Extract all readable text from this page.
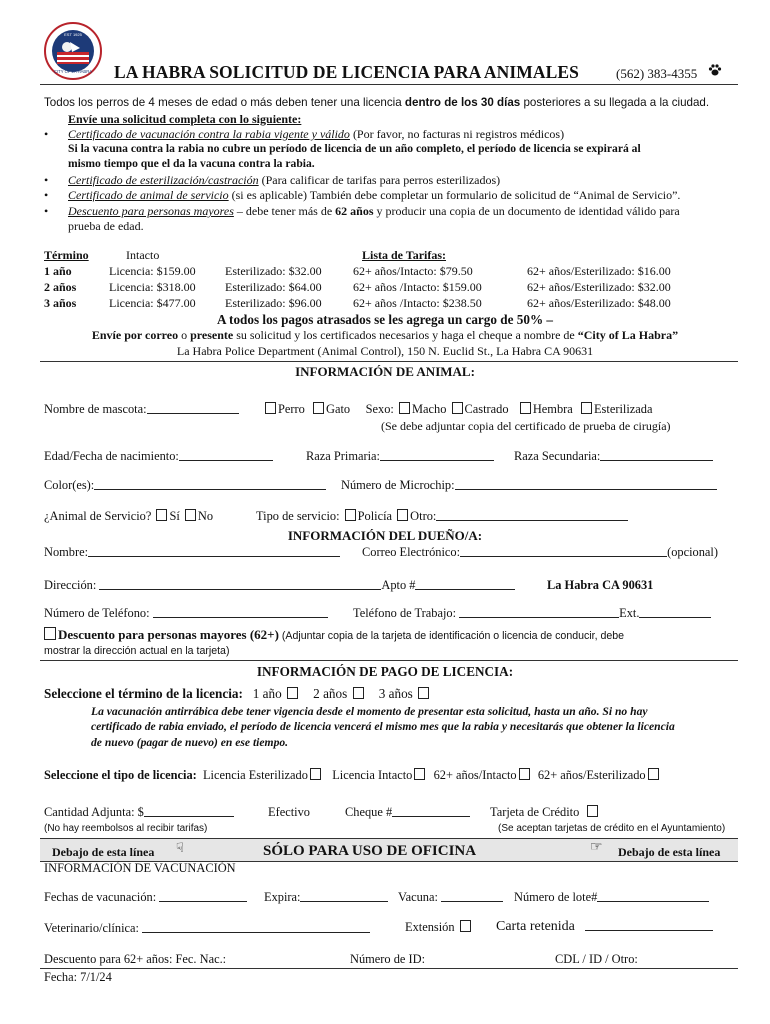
EST 1925
CITY OF LA HABRA LA HABRA SOLICITUD DE LICENCIA PARA ANIMALES	(562) 383-4355
Todos los perros de 4 meses de edad o más deben tener una licencia dentro de los 30 días posteriores a su llegada a la ciudad.
Envíe una solicitud completa con lo siguiente:
• Certificado de vacunación contra la rabia vigente y válido (Por favor, no facturas ni registros médicos)
Si la vacuna contra la rabia no cubre un período de licencia de un año completo, el período de licencia se expirará al
mismo tiempo que el da la vacuna contra la rabia.
• Certificado de esterilización/castración (Para calificar de tarifas para perros esterilizados)
• Certificado de animal de servicio (si es aplicable) También debe completar un formulario de solicitud de “Animal de Servicio”.
• Descuento para personas mayores – debe tener más de 62 años y producir una copia de un documento de identidad válido para
prueba de edad.
Término	Intacto	Lista de Tarifas:
1 año	Licencia: $159.00 Esterilizado: $32.00	62+ años/Intacto: $79.50	62+ años/Esterilizado: $16.00
2 años	Licencia: $318.00 Esterilizado: $64.00	62+ años /Intacto: $159.00	62+ años/Esterilizado: $32.00
3 años	Licencia: $477.00 Esterilizado: $96.00	62+ años /Intacto: $238.50	62+ años/Esterilizado: $48.00
A todos los pagos atrasados se les agrega un cargo de 50% –
Envíe por correo o presente su solicitud y los certificados necesarios y haga el cheque a nombre de “City of La Habra”
La Habra Police Department (Animal Control), 150 N. Euclid St., La Habra CA 90631
INFORMACIÓN DE ANIMAL:
Nombre de mascota:	Perro Gato Sexo: Macho Castrado Hembra Esterilizada
(Se debe adjuntar copia del certificado de prueba de cirugía)
Edad/Fecha de nacimiento:	Raza Primaria:	Raza Secundaria:
Color(es):	Número de Microchip:
¿Animal de Servicio? Sí No	Tipo de servicio: Policía Otro:
INFORMACIÓN DEL DUEÑO/A:
Nombre:	Correo Electrónico:	(opcional)
Dirección:	Apto #	La Habra CA 90631
Número de Teléfono:	Teléfono de Trabajo:	Ext.
Descuento para personas mayores (62+) (Adjuntar copia de la tarjeta de identificación o licencia de conducir, debe
mostrar la dirección actual en la tarjeta)
INFORMACIÓN DE PAGO DE LICENCIA:
Seleccione el término de la licencia: 1 año 2 años 3 años
La vacunación antirrábica debe tener vigencia desde el momento de presentar esta solicitud, hasta un año. Si no hay
certificado de rabia enviado, el período de licencia vencerá el mismo mes que la rabia y necesitarás que obtener la licencia
de nuevo (pagar de nuevo) en ese tiempo.
Seleccione el tipo de licencia: Licencia Esterilizado Licencia Intacto 62+ años/Intacto 62+ años/Esterilizado
Cantidad Adjunta: $	Efectivo	Cheque #	Tarjeta de Crédito
(No hay reembolsos al recibir tarifas)	(Se aceptan tarjetas de crédito en el Ayuntamiento)
Debajo de esta línea ☟	SÓLO PARA USO DE OFICINA	☞ Debajo de esta línea
INFORMACIÓN DE VACUNACIÓN
Fechas de vacunación:	Expira:	Vacuna:	Número de lote#
Veterinario/clínica:	Extensión	Carta retenida
Descuento para 62+ años: Fec. Nac.:	Número de ID:	CDL / ID / Otro:
Fecha: 7/1/24
